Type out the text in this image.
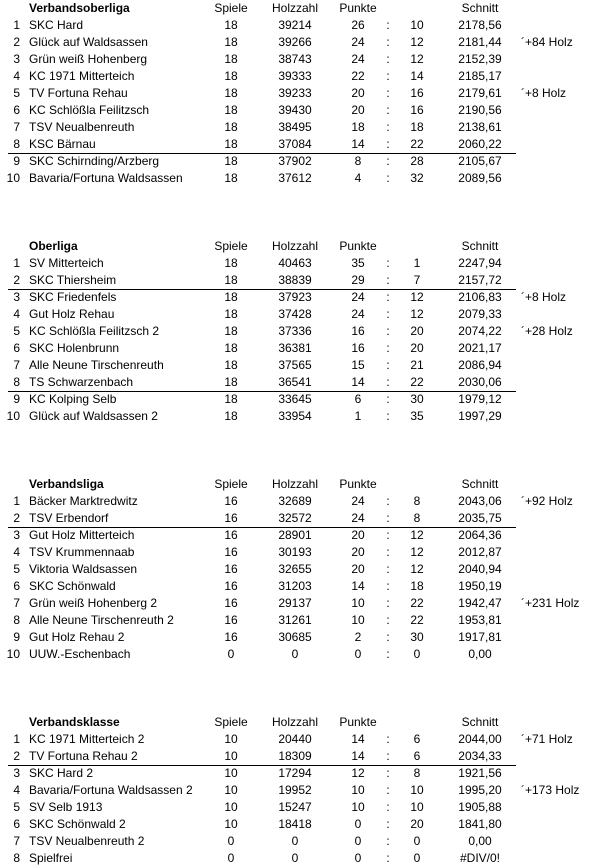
Verbandsoberliga	Spiele	Holzzahl	Punkte	Schnitt
1 SKC Hard	18	39214	26	:	10	2178,56
2 Glück auf Waldsassen	18	39266	24	:	12	2181,44	´+84 Holz
3 Grün weiß Hohenberg	18	38743	24	:	12	2152,39
4 KC 1971 Mitterteich	18	39333	22	:	14	2185,17
5 TV Fortuna Rehau	18	39233	20	:	16	2179,61	´+8 Holz
6 KC Schlößla Feilitzsch	18	39430	20	:	16	2190,56
7 TSV Neualbenreuth	18	38495	18	:	18	2138,61
8 KSC Bärnau	18	37084	14	:	22	2060,22
9 SKC Schirnding/Arzberg	18	37902	8	:	28	2105,67
10 Bavaria/Fortuna Waldsassen	18	37612	4	:	32	2089,56
Oberliga	Spiele	Holzzahl	Punkte	Schnitt
1 SV Mitterteich	18	40463	35	:	1	2247,94
2 SKC Thiersheim	18	38839	29	:	7	2157,72
3 SKC Friedenfels	18	37923	24	:	12	2106,83	´+8 Holz
4 Gut Holz Rehau	18	37428	24	:	12	2079,33
5 KC Schlößla Feilitzsch 2	18	37336	16	:	20	2074,22	´+28 Holz
6 SKC Holenbrunn	18	36381	16	:	20	2021,17
7 Alle Neune Tirschenreuth	18	37565	15	:	21	2086,94
8 TS Schwarzenbach	18	36541	14	:	22	2030,06
9 KC Kolping Selb	18	33645	6	:	30	1979,12
10 Glück auf Waldsassen 2	18	33954	1	:	35	1997,29
Verbandsliga	Spiele	Holzzahl	Punkte	Schnitt
1 Bäcker Marktredwitz	16	32689	24	:	8	2043,06	´+92 Holz
2 TSV Erbendorf	16	32572	24	:	8	2035,75
3 Gut Holz Mitterteich	16	28901	20	:	12	2064,36
4 TSV Krummennaab	16	30193	20	:	12	2012,87
5 Viktoria Waldsassen	16	32655	20	:	12	2040,94
6 SKC Schönwald	16	31203	14	:	18	1950,19
7 Grün weiß Hohenberg 2	16	29137	10	:	22	1942,47	´+231 Holz
8 Alle Neune Tirschenreuth 2	16	31261	10	:	22	1953,81
9 Gut Holz Rehau 2	16	30685	2	:	30	1917,81
10 UUW.-Eschenbach	0	0	0	:	0	0,00
Verbandsklasse	Spiele	Holzzahl	Punkte	Schnitt
1 KC 1971 Mitterteich 2	10	20440	14	:	6	2044,00	´+71 Holz
2 TV Fortuna Rehau 2	10	18309	14	:	6	2034,33
3 SKC Hard 2	10	17294	12	:	8	1921,56
4 Bavaria/Fortuna Waldsassen 2	10	19952	10	:	10	1995,20	´+173 Holz
5 SV Selb 1913	10	15247	10	:	10	1905,88
6 SKC Schönwald 2	10	18418	0	:	20	1841,80
7 TSV Neualbenreuth 2	0	0	0	:	0	0,00
8 Spielfrei	0	0	0	:	0	#DIV/0!
